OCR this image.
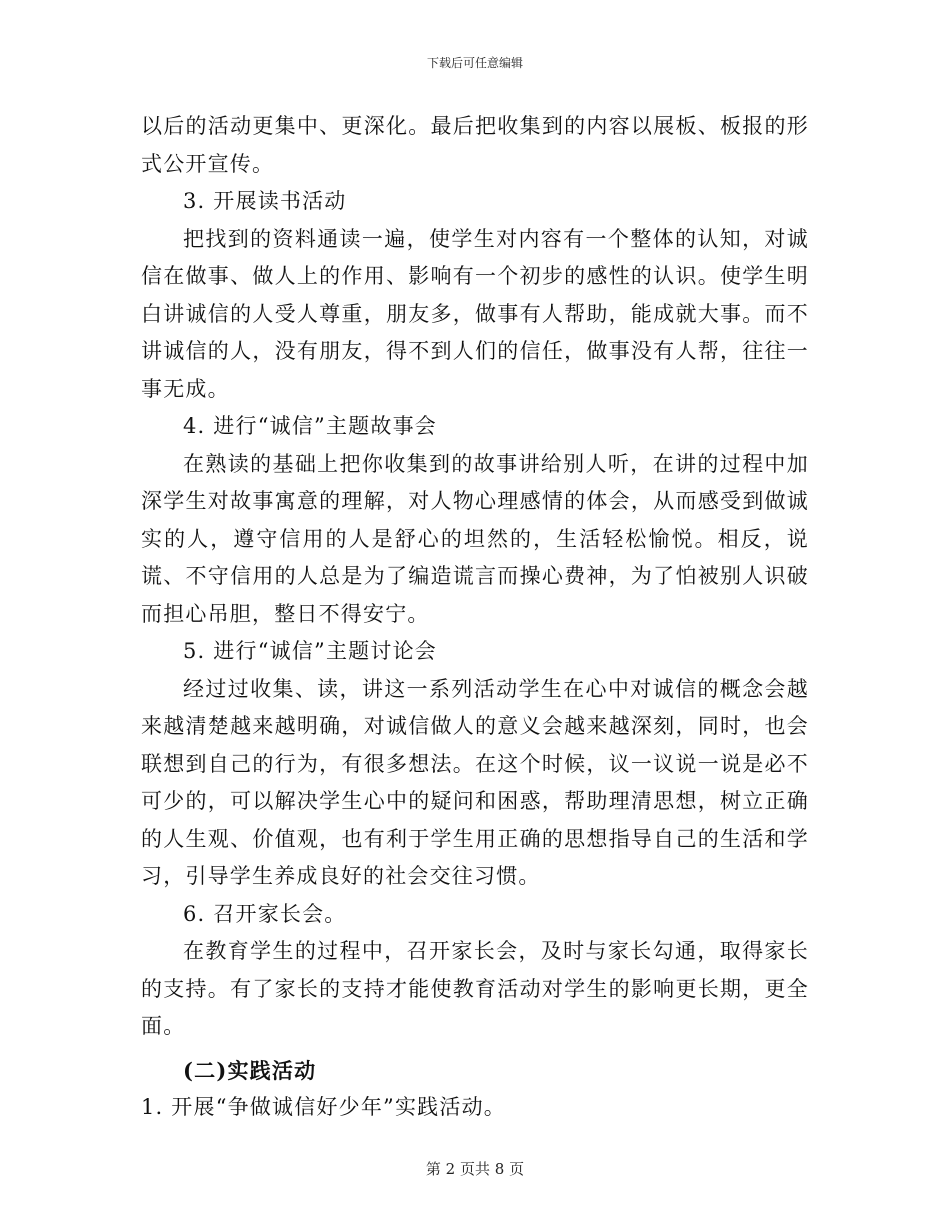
下载后可任意编辑

以后的活动更集中、更深化。最后把收集到的内容以展板、板报的形式公开宣传。

3. 开展读书活动

把找到的资料通读一遍，使学生对内容有一个整体的认知，对诚信在做事、做人上的作用、影响有一个初步的感性的认识。使学生明白讲诚信的人受人尊重，朋友多，做事有人帮助，能成就大事。而不讲诚信的人，没有朋友，得不到人们的信任，做事没有人帮，往往一事无成。

4. 进行“诚信”主题故事会

在熟读的基础上把你收集到的故事讲给别人听，在讲的过程中加深学生对故事寓意的理解，对人物心理感情的体会，从而感受到做诚实的人，遵守信用的人是舒心的坦然的，生活轻松愉悦。相反，说谎、不守信用的人总是为了编造谎言而操心费神，为了怕被别人识破而担心吊胆，整日不得安宁。

5. 进行“诚信”主题讨论会

经过过收集、读，讲这一系列活动学生在心中对诚信的概念会越来越清楚越来越明确，对诚信做人的意义会越来越深刻，同时，也会联想到自己的行为，有很多想法。在这个时候，议一议说一说是必不可少的，可以解决学生心中的疑问和困惑，帮助理清思想，树立正确的人生观、价值观，也有利于学生用正确的思想指导自己的生活和学习，引导学生养成良好的社会交往习惯。

6. 召开家长会。

在教育学生的过程中，召开家长会，及时与家长勾通，取得家长的支持。有了家长的支持才能使教育活动对学生的影响更长期，更全面。

(二)实践活动

1. 开展“争做诚信好少年”实践活动。

第 2 页共 8 页
